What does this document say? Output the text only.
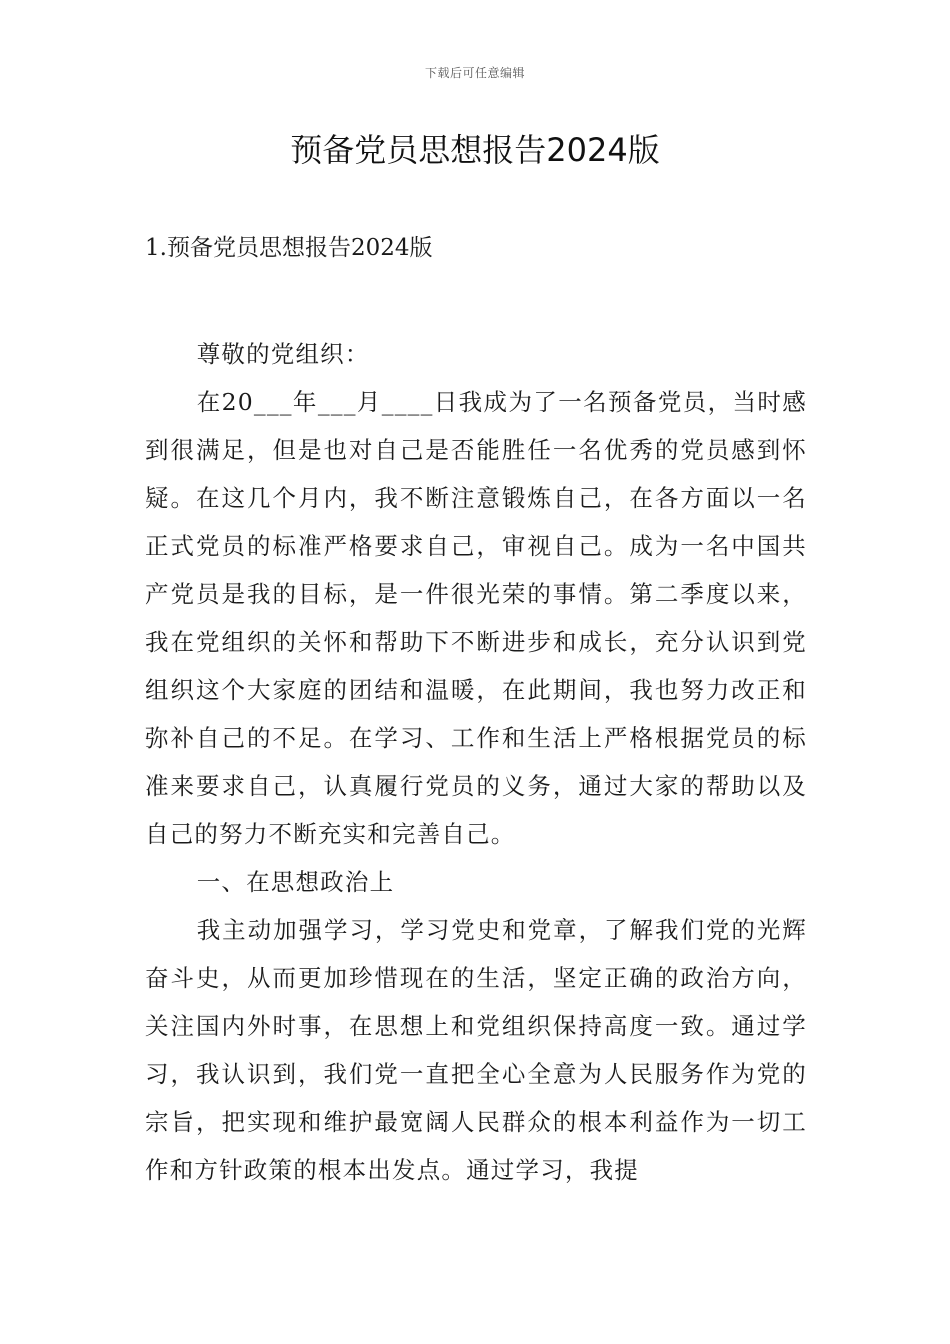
下载后可任意编辑
预备党员思想报告2024版
1.预备党员思想报告2024版

尊敬的党组织：

在20___年___月____日我成为了一名预备党员，当时感到很满足，但是也对自己是否能胜任一名优秀的党员感到怀疑。在这几个月内，我不断注意锻炼自己，在各方面以一名正式党员的标准严格要求自己，审视自己。成为一名中国共产党员是我的目标，是一件很光荣的事情。第二季度以来，我在党组织的关怀和帮助下不断进步和成长，充分认识到党组织这个大家庭的团结和温暖，在此期间，我也努力改正和弥补自己的不足。在学习、工作和生活上严格根据党员的标准来要求自己，认真履行党员的义务，通过大家的帮助以及自己的努力不断充实和完善自己。

一、在思想政治上

我主动加强学习，学习党史和党章，了解我们党的光辉奋斗史，从而更加珍惜现在的生活，坚定正确的政治方向，关注国内外时事，在思想上和党组织保持高度一致。通过学习，我认识到，我们党一直把全心全意为人民服务作为党的宗旨，把实现和维护最宽阔人民群众的根本利益作为一切工作和方针政策的根本出发点。通过学习，我提
